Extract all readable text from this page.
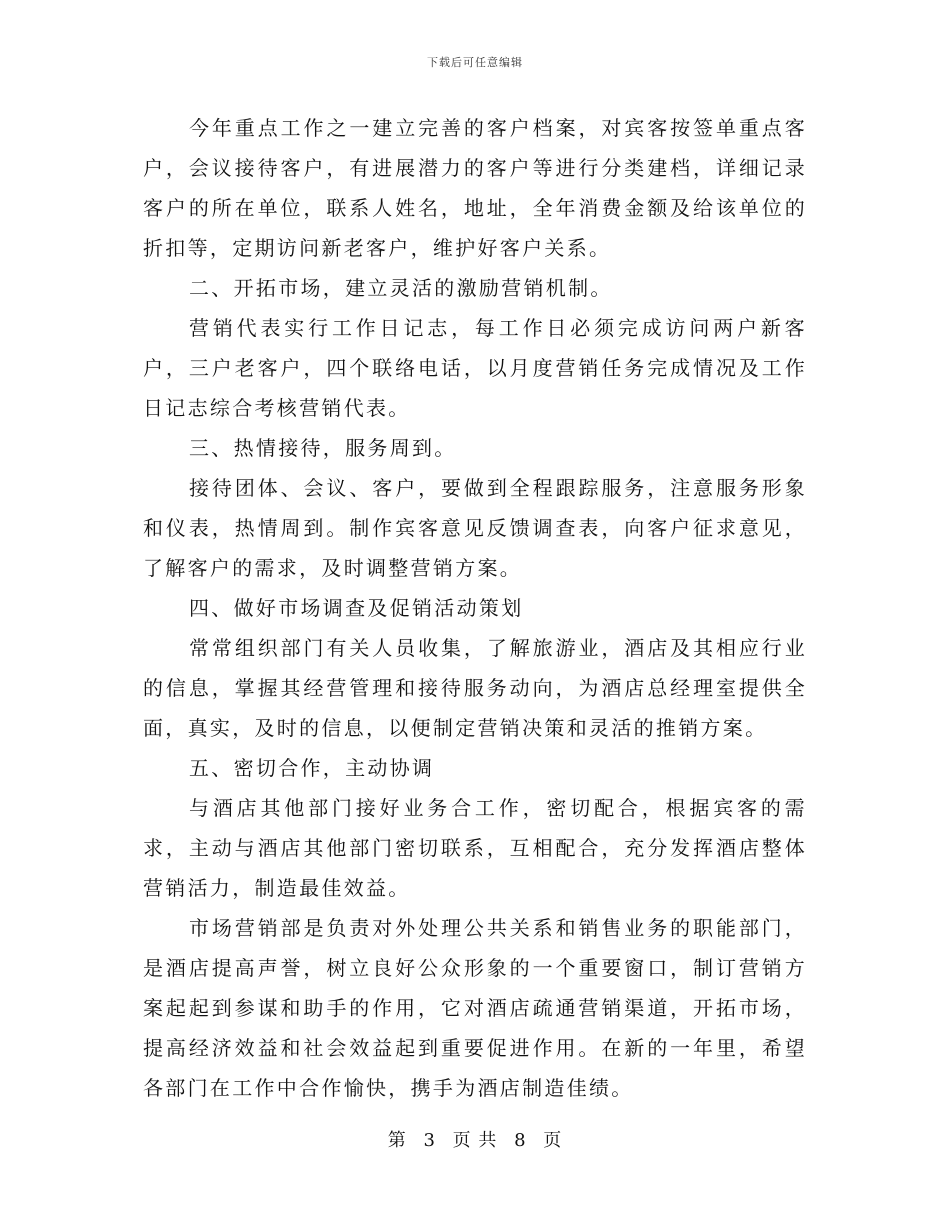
下载后可任意编辑

今年重点工作之一建立完善的客户档案，对宾客按签单重点客户，会议接待客户，有进展潜力的客户等进行分类建档，详细记录客户的所在单位，联系人姓名，地址，全年消费金额及给该单位的折扣等，定期访问新老客户，维护好客户关系。

二、开拓市场，建立灵活的激励营销机制。

营销代表实行工作日记志，每工作日必须完成访问两户新客户，三户老客户，四个联络电话，以月度营销任务完成情况及工作日记志综合考核营销代表。

三、热情接待，服务周到。

接待团体、会议、客户，要做到全程跟踪服务，注意服务形象和仪表，热情周到。制作宾客意见反馈调查表，向客户征求意见，了解客户的需求，及时调整营销方案。

四、做好市场调查及促销活动策划

常常组织部门有关人员收集，了解旅游业，酒店及其相应行业的信息，掌握其经营管理和接待服务动向，为酒店总经理室提供全面，真实，及时的信息，以便制定营销决策和灵活的推销方案。

五、密切合作，主动协调

与酒店其他部门接好业务合工作，密切配合，根据宾客的需求，主动与酒店其他部门密切联系，互相配合，充分发挥酒店整体营销活力，制造最佳效益。

市场营销部是负责对外处理公共关系和销售业务的职能部门，是酒店提高声誉，树立良好公众形象的一个重要窗口，制订营销方案起起到参谋和助手的作用，它对酒店疏通营销渠道，开拓市场，提高经济效益和社会效益起到重要促进作用。在新的一年里，希望各部门在工作中合作愉快，携手为酒店制造佳绩。

第 3 页 共 8 页
